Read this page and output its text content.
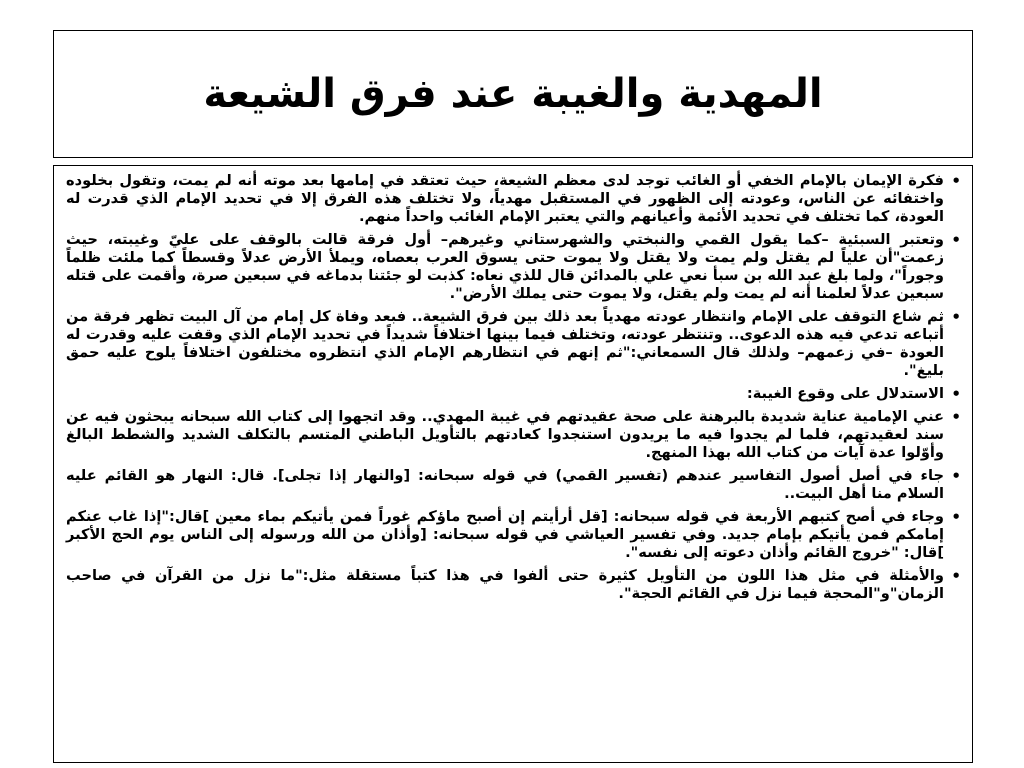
المهدية والغيبة عند فرق الشيعة
• فكرة الإيمان بالإمام الخفي أو الغائب توجد لدى معظم الشيعة، حيث تعتقد في إمامها بعد موته أنه لم يمت، وتقول بخلوده واختفائه عن الناس، وعودته إلى الظهور في المستقبل مهدياً، ولا تختلف هذه الفرق إلا في تحديد الإمام الذي قدرت له العودة، كما تختلف في تحديد الأئمة وأعيانهم والتي يعتبر الإمام الغائب واحداً منهم.
• وتعتبر السبئية –كما يقول القمي والنبختي والشهرستاني وغيرهم– أول فرقة قالت بالوقف على عليّ وغيبته، حيث زعمت"أن علياً لم يقتل ولم يمت ولا يقتل ولا يموت حتى يسوق العرب بعصاه، ويملأ الأرض عدلاً وقسطاً كما ملئت ظلماً وجوراً"، ولما بلغ عبد الله بن سبأ نعي علي بالمدائن قال للذي نعاه: كذبت لو جئتنا بدماغه في سبعين صرة، وأقمت على قتله سبعين عدلاً لعلمنا أنه لم يمت ولم يقتل، ولا يموت حتى يملك الأرض".
• ثم شاع التوقف على الإمام وانتظار عودته مهدياً بعد ذلك بين فرق الشيعة.. فبعد وفاة كل إمام من آل البيت تظهر فرقة من أتباعه تدعي فيه هذه الدعوى.. وتنتظر عودته، وتختلف فيما بينها اختلافاً شديداً في تحديد الإمام الذي وقفت عليه وقدرت له العودة –في زعمهم– ولذلك قال السمعاني:"ثم إنهم في انتظارهم الإمام الذي انتظروه مختلفون اختلافاً يلوح عليه حمق بليغ".
• الاستدلال على وقوع الغيبة:
• عني الإمامية عناية شديدة بالبرهنة على صحة عقيدتهم في غيبة المهدي.. وقد اتجهوا إلى كتاب الله سبحانه يبحثون فيه عن سند لعقيدتهم، فلما لم يجدوا فيه ما يريدون استنجدوا كعادتهم بالتأويل الباطني المتسم بالتكلف الشديد والشطط البالغ وأوّلوا عدة آيات من كتاب الله بهذا المنهج.
• جاء في أصل أصول التفاسير عندهم (تفسير القمي) في قوله سبحانه: [والنهار إذا تجلى]. قال: النهار هو القائم عليه السلام منا أهل البيت..
• وجاء في أصح كتبهم الأربعة في قوله سبحانه: [قل أرأيتم إن أصبح ماؤكم غوراً فمن يأتيكم بماء معين ]قال:"إذا غاب عنكم إمامكم فمن يأتيكم بإمام جديد. وفي تفسير العياشي في قوله سبحانه: [وأذان من الله ورسوله إلى الناس يوم الحج الأكبر ]قال: "خروج القائم وأذان دعوته إلى نفسه".
• والأمثلة في مثل هذا اللون من التأويل كثيرة حتى ألفوا في هذا كتباً مستقلة مثل:"ما نزل من القرآن في صاحب الزمان"و"المحجة فيما نزل في القائم الحجة".
